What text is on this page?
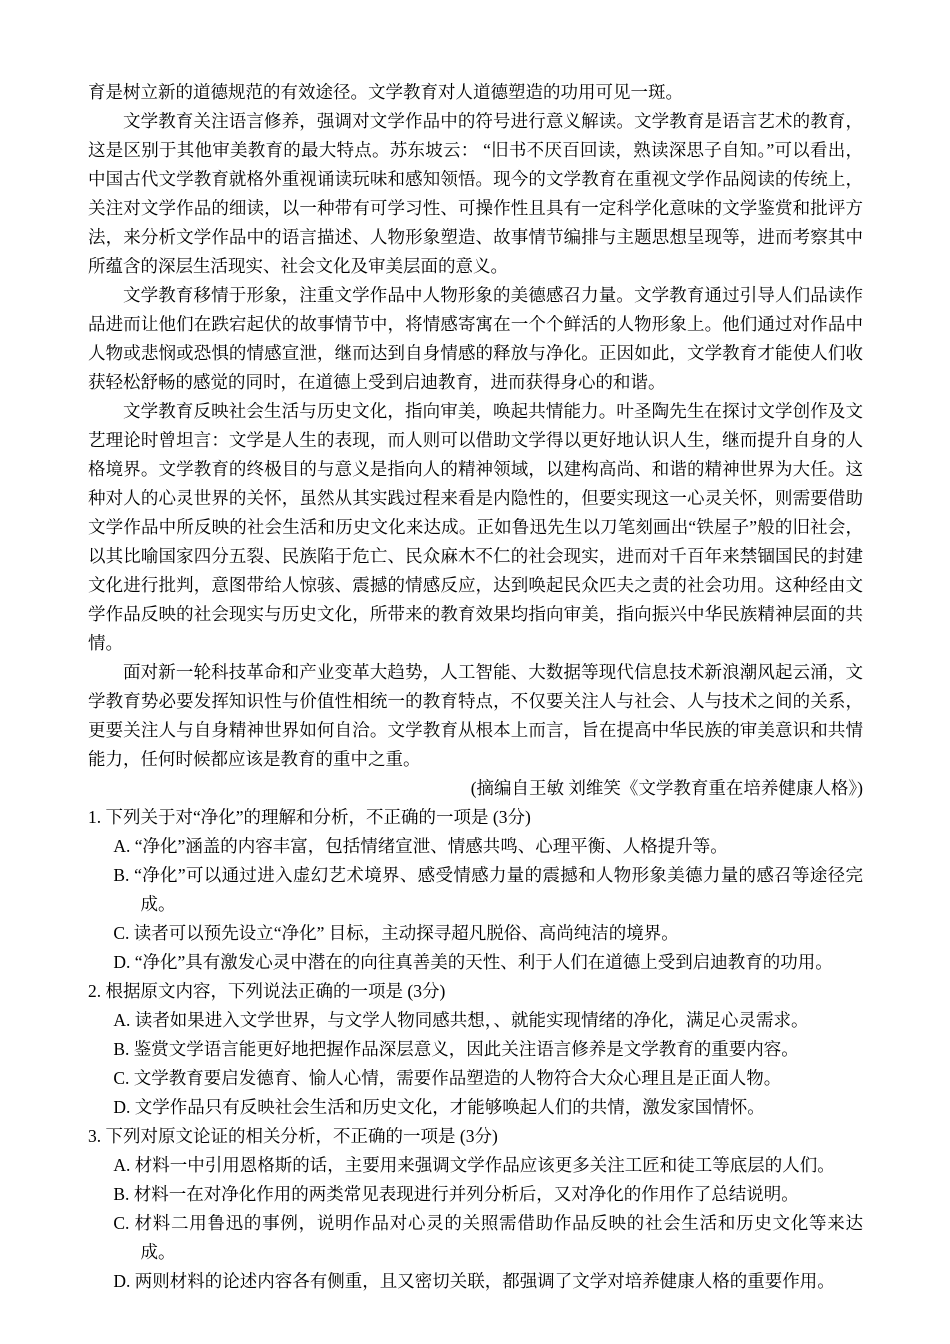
育是树立新的道德规范的有效途径。文学教育对人道德塑造的功用可见一斑。

文学教育关注语言修养，强调对文学作品中的符号进行意义解读。文学教育是语言艺术的教育，这是区别于其他审美教育的最大特点。苏东坡云： “旧书不厌百回读，熟读深思子自知。”可以看出，中国古代文学教育就格外重视诵读玩味和感知领悟。现今的文学教育在重视文学作品阅读的传统上，关注对文学作品的细读，以一种带有可学习性、可操作性且具有一定科学化意味的文学鉴赏和批评方法，来分析文学作品中的语言描述、人物形象塑造、故事情节编排与主题思想呈现等，进而考察其中所蕴含的深层生活现实、社会文化及审美层面的意义。

文学教育移情于形象，注重文学作品中人物形象的美德感召力量。文学教育通过引导人们品读作品进而让他们在跌宕起伏的故事情节中，将情感寄寓在一个个鲜活的人物形象上。他们通过对作品中人物或悲悯或恐惧的情感宣泄，继而达到自身情感的释放与净化。正因如此，文学教育才能使人们收获轻松舒畅的感觉的同时，在道德上受到启迪教育，进而获得身心的和谐。

文学教育反映社会生活与历史文化，指向审美，唤起共情能力。叶圣陶先生在探讨文学创作及文艺理论时曾坦言：文学是人生的表现，而人则可以借助文学得以更好地认识人生，继而提升自身的人格境界。文学教育的终极目的与意义是指向人的精神领域，以建构高尚、和谐的精神世界为大任。这种对人的心灵世界的关怀，虽然从其实践过程来看是内隐性的，但要实现这一心灵关怀，则需要借助文学作品中所反映的社会生活和历史文化来达成。正如鲁迅先生以刀笔刻画出“铁屋子”般的旧社会，以其比喻国家四分五裂、民族陷于危亡、民众麻木不仁的社会现实，进而对千百年来禁锢国民的封建文化进行批判，意图带给人惊骇、震撼的情感反应，达到唤起民众匹夫之责的社会功用。这种经由文学作品反映的社会现实与历史文化，所带来的教育效果均指向审美，指向振兴中华民族精神层面的共情。

面对新一轮科技革命和产业变革大趋势，人工智能、大数据等现代信息技术新浪潮风起云涌，文学教育势必要发挥知识性与价值性相统一的教育特点，不仅要关注人与社会、人与技术之间的关系，更要关注人与自身精神世界如何自洽。文学教育从根本上而言，旨在提高中华民族的审美意识和共情能力，任何时候都应该是教育的重中之重。

(摘编自王敏 刘维笑《文学教育重在培养健康人格》)

1. 下列关于对“净化”的理解和分析，不正确的一项是 (3分)

A. “净化”涵盖的内容丰富，包括情绪宣泄、情感共鸣、心理平衡、人格提升等。

B. “净化”可以通过进入虚幻艺术境界、感受情感力量的震撼和人物形象美德力量的感召等途径完成。

C. 读者可以预先设立“净化” 目标，主动探寻超凡脱俗、高尚纯洁的境界。

D. “净化”具有激发心灵中潜在的向往真善美的天性、利于人们在道德上受到启迪教育的功用。

2. 根据原文内容，下列说法正确的一项是 (3分)

A. 读者如果进入文学世界，与文学人物同感共想，、就能实现情绪的净化，满足心灵需求。

B. 鉴赏文学语言能更好地把握作品深层意义，因此关注语言修养是文学教育的重要内容。

C. 文学教育要启发德育、愉人心情，需要作品塑造的人物符合大众心理且是正面人物。

D. 文学作品只有反映社会生活和历史文化，才能够唤起人们的共情，激发家国情怀。

3. 下列对原文论证的相关分析，不正确的一项是 (3分)

A. 材料一中引用恩格斯的话，主要用来强调文学作品应该更多关注工匠和徒工等底层的人们。

B. 材料一在对净化作用的两类常见表现进行并列分析后，又对净化的作用作了总结说明。

C. 材料二用鲁迅的事例，说明作品对心灵的关照需借助作品反映的社会生活和历史文化等来达成。

D. 两则材料的论述内容各有侧重，且又密切关联，都强调了文学对培养健康人格的重要作用。
